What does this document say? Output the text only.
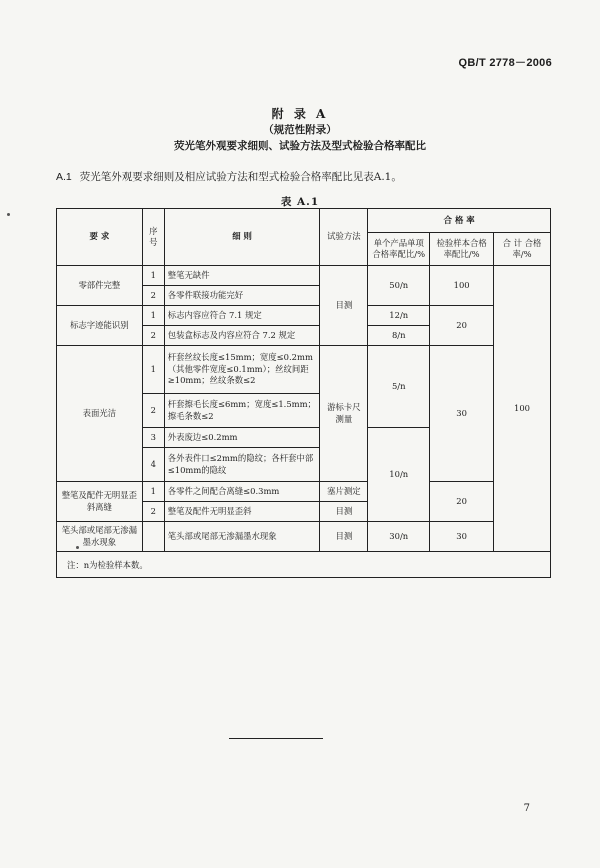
QB/T 2778－2006
附 录 A
（规范性附录）
荧光笔外观要求细则、试验方法及型式检验合格率配比
A.1 荧光笔外观要求细则及相应试验方法和型式检验合格率配比见表A.1。
表 A.1
要 求	序号	细 则	试验方法	合 格 率		
				单个产品单项合格率配比/%	检验样本合格率配比/%	合 计 合格率/%
零部件完整	1	整笔无缺件	目测	50/n	100	100
	2	各零件联接功能完好				
标志字迹能识别	1	标志内容应符合 7.1 规定		12/n	20	
	2	包装盒标志及内容应符合 7.2 规定		8/n		
表面光洁	1	杆套丝纹长度≤15mm；宽度≤0.2mm（其他零件宽度≤0.1mm）；丝纹间距≥10mm；丝纹条数≤2	游标卡尺测量	5/n	30	
	2	杆套擦毛长度≤6mm；宽度≤1.5mm；擦毛条数≤2				
	3	外表废边≤0.2mm		10/n		
	4	各外表件口≤2mm的隐纹；各杆套中部≤10mm的隐纹				
整笔及配件无明显歪斜离缝	1	各零件之间配合离缝≤0.3mm	塞片测定		20	
	2	整笔及配件无明显歪斜	目测			
笔头部或尾部无渗漏墨水现象		笔头部或尾部无渗漏墨水现象	目测	30/n	30	
注：n为检验样本数。						
7
